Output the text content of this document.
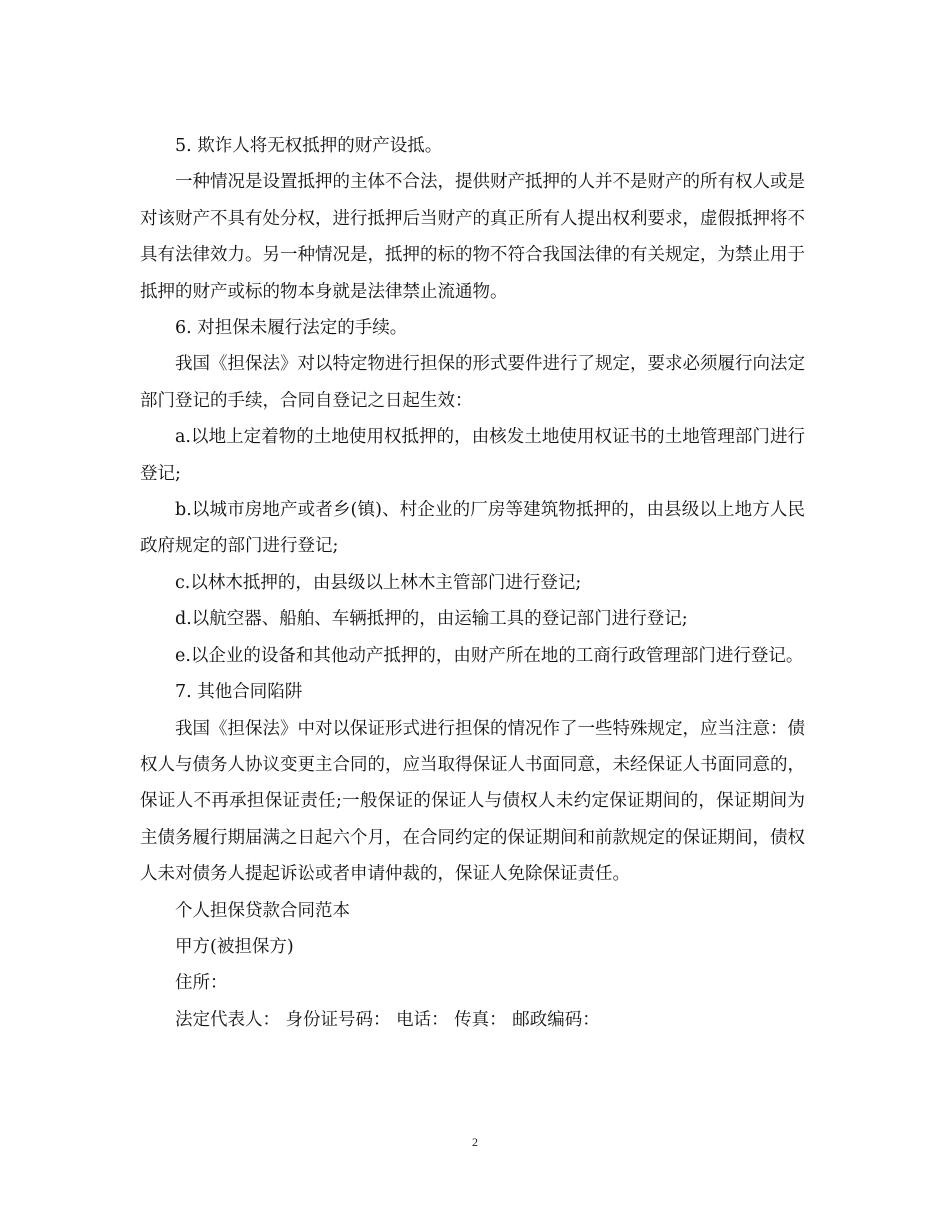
5. 欺诈人将无权抵押的财产设抵。

一种情况是设置抵押的主体不合法，提供财产抵押的人并不是财产的所有权人或是对该财产不具有处分权，进行抵押后当财产的真正所有人提出权利要求，虚假抵押将不具有法律效力。另一种情况是，抵押的标的物不符合我国法律的有关规定，为禁止用于抵押的财产或标的物本身就是法律禁止流通物。

6. 对担保未履行法定的手续。

我国《担保法》对以特定物进行担保的形式要件进行了规定，要求必须履行向法定部门登记的手续，合同自登记之日起生效：

a.以地上定着物的土地使用权抵押的，由核发土地使用权证书的土地管理部门进行登记;

b.以城市房地产或者乡(镇)、村企业的厂房等建筑物抵押的，由县级以上地方人民政府规定的部门进行登记;

c.以林木抵押的，由县级以上林木主管部门进行登记;

d.以航空器、船舶、车辆抵押的，由运输工具的登记部门进行登记;

e.以企业的设备和其他动产抵押的，由财产所在地的工商行政管理部门进行登记。

7. 其他合同陷阱

我国《担保法》中对以保证形式进行担保的情况作了一些特殊规定，应当注意：债权人与债务人协议变更主合同的，应当取得保证人书面同意，未经保证人书面同意的，保证人不再承担保证责任;一般保证的保证人与债权人未约定保证期间的，保证期间为主债务履行期届满之日起六个月，在合同约定的保证期间和前款规定的保证期间，债权人未对债务人提起诉讼或者申请仲裁的，保证人免除保证责任。

个人担保贷款合同范本

甲方(被担保方)

住所：

法定代表人： 身份证号码： 电话： 传真： 邮政编码：

2
